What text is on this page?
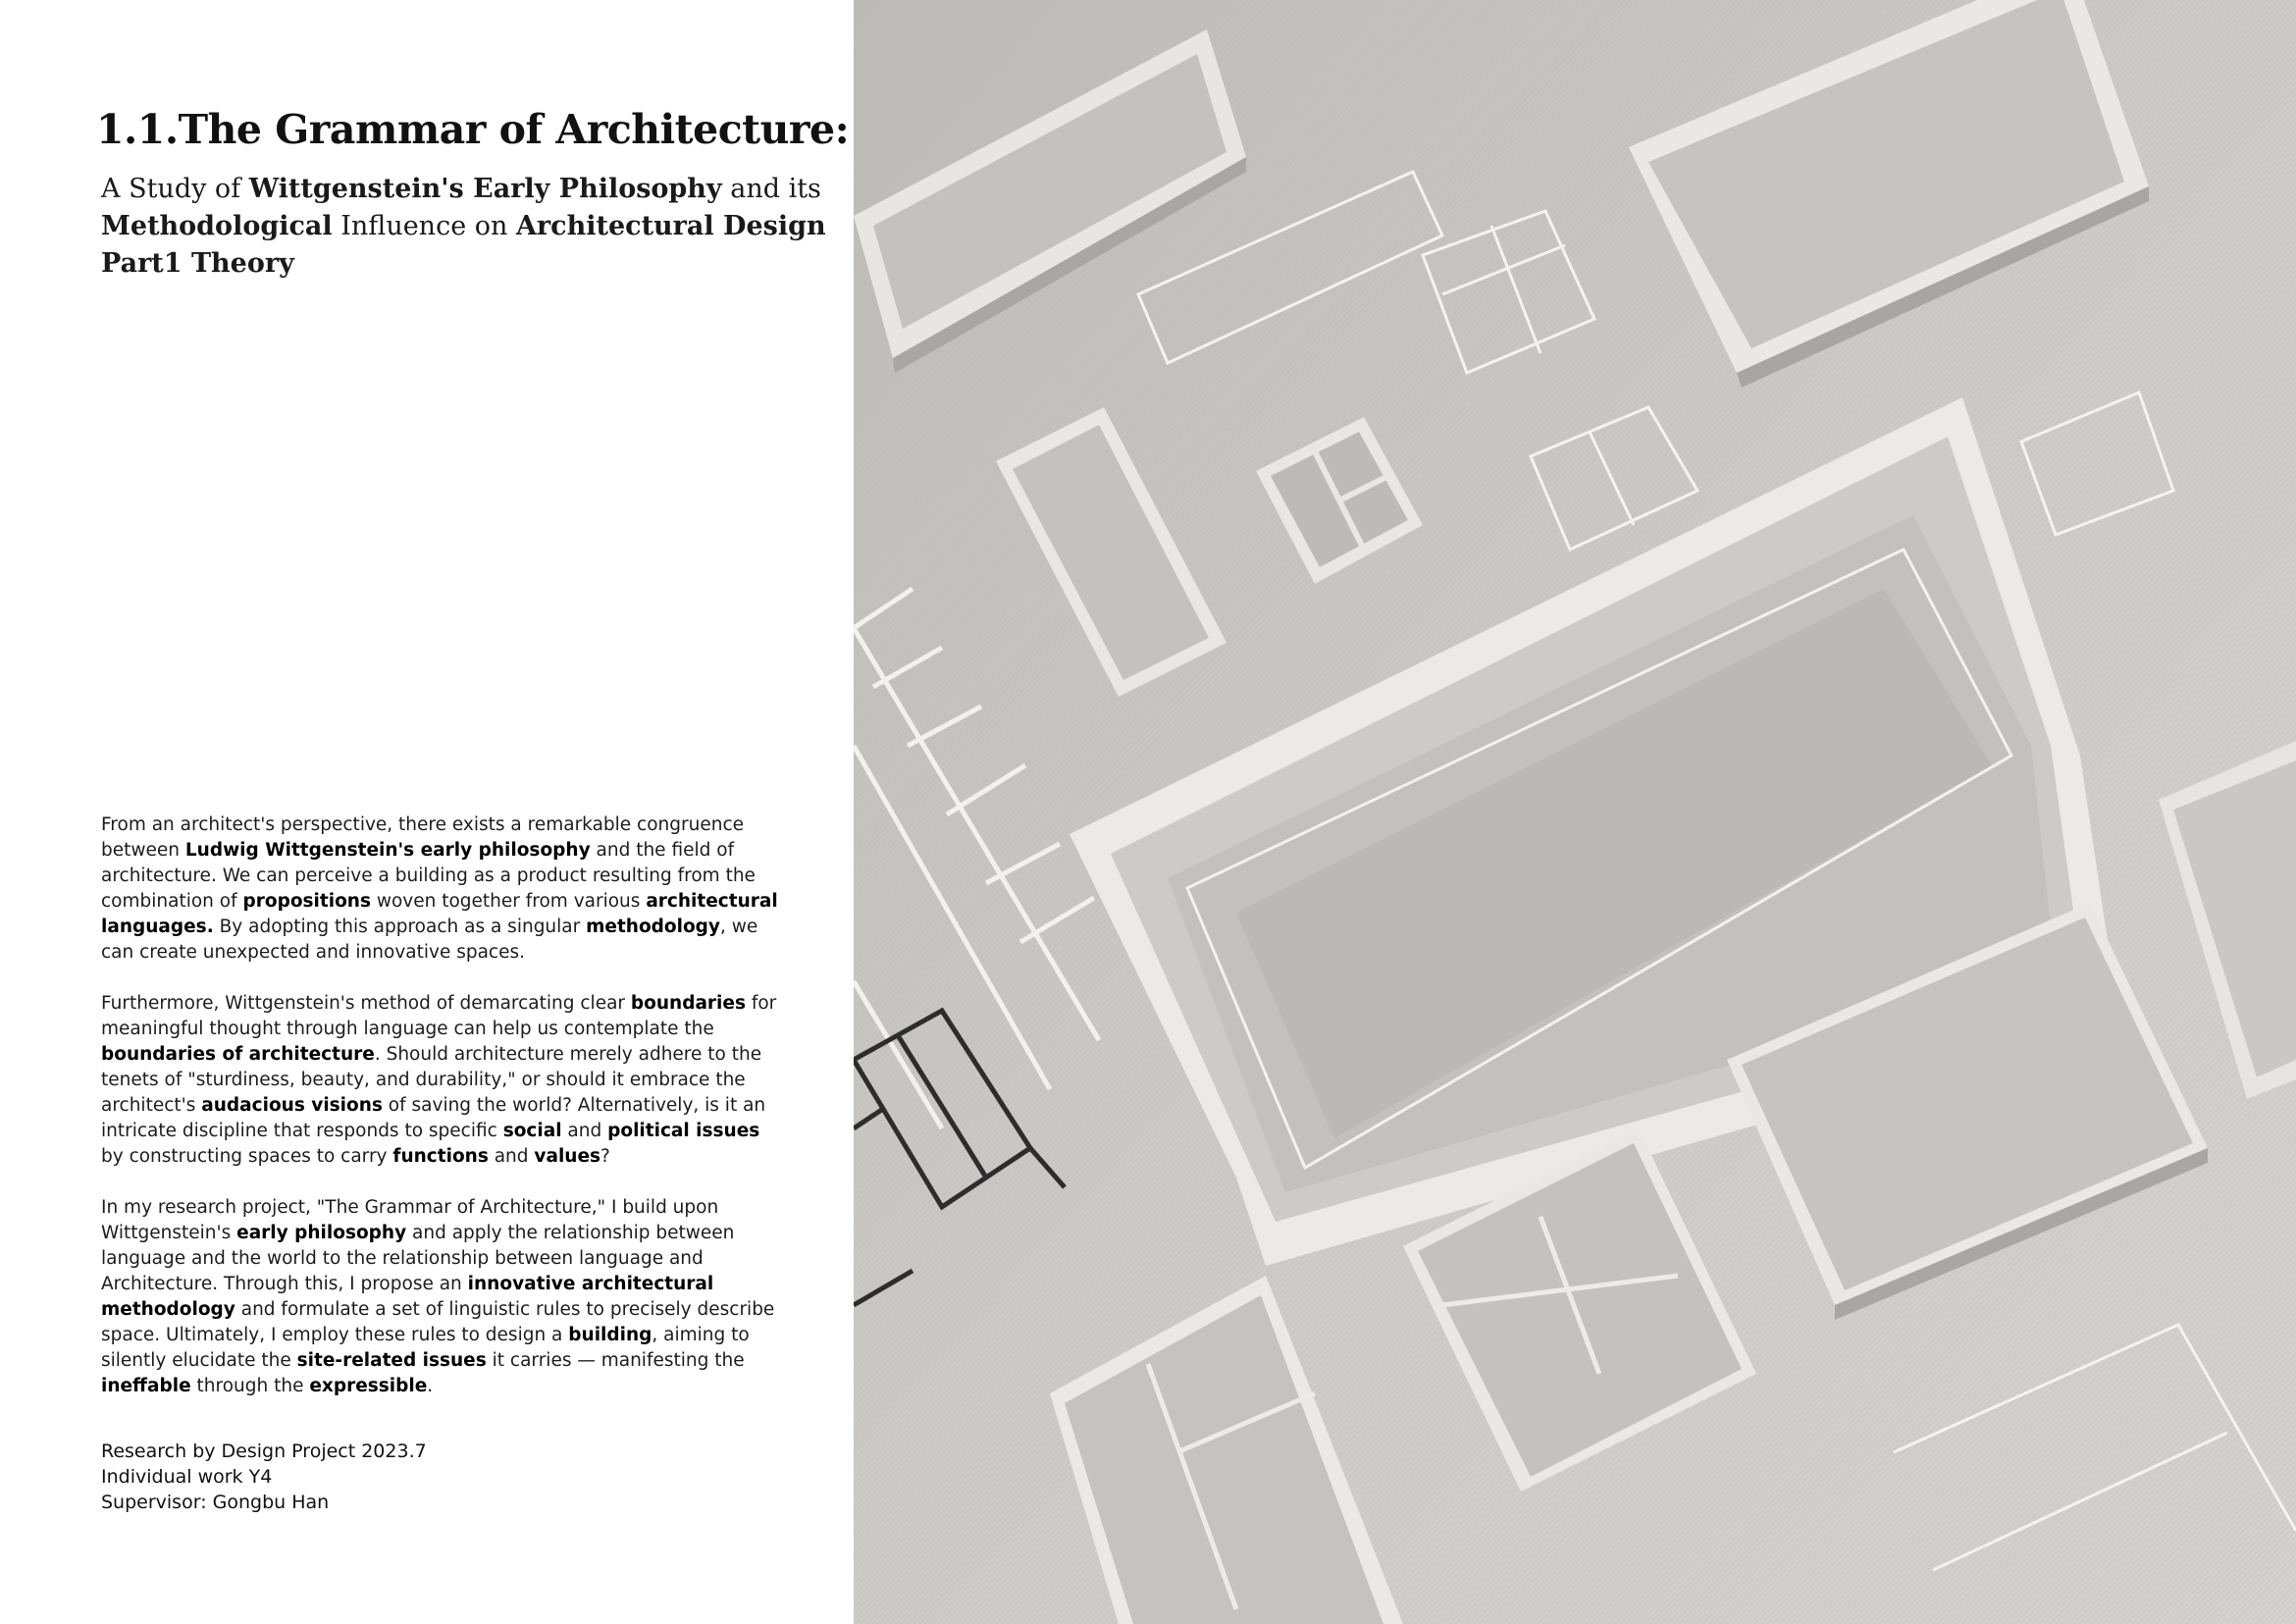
1.1.The Grammar of Architecture:
A Study of Wittgenstein's Early Philosophy and its
Methodological Influence on Architectural Design
Part1 Theory

From an architect's perspective, there exists a remarkable congruence between Ludwig Wittgenstein's early philosophy and the field of architecture. We can perceive a building as a product resulting from the combination of propositions woven together from various architectural languages. By adopting this approach as a singular methodology, we can create unexpected and innovative spaces.

Furthermore, Wittgenstein's method of demarcating clear boundaries for meaningful thought through language can help us contemplate the boundaries of architecture. Should architecture merely adhere to the tenets of "sturdiness, beauty, and durability," or should it embrace the architect's audacious visions of saving the world? Alternatively, is it an intricate discipline that responds to specific social and political issues by constructing spaces to carry functions and values?

In my research project, "The Grammar of Architecture," I build upon Wittgenstein's early philosophy and apply the relationship between language and the world to the relationship between language and Architecture. Through this, I propose an innovative architectural methodology and formulate a set of linguistic rules to precisely describe space. Ultimately, I employ these rules to design a building, aiming to silently elucidate the site-related issues it carries — manifesting the ineffable through the expressible.

Research by Design Project 2023.7
Individual work Y4
Supervisor: Gongbu Han
